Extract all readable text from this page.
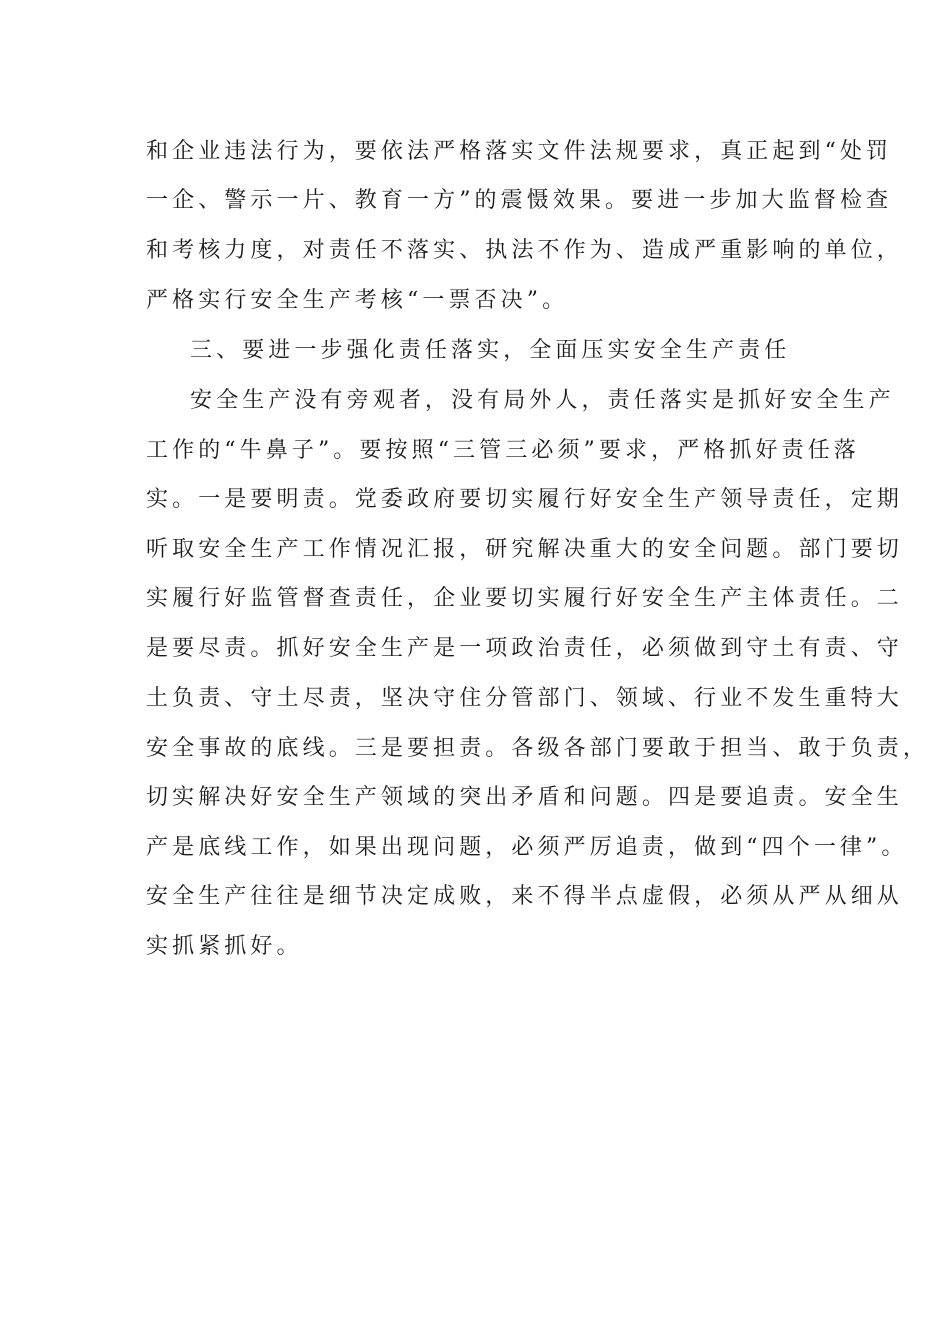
和企业违法行为，要依法严格落实文件法规要求，真正起到“处罚
一企、警示一片、教育一方”的震慑效果。要进一步加大监督检查
和考核力度，对责任不落实、执法不作为、造成严重影响的单位，
严格实行安全生产考核“一票否决”。
三、要进一步强化责任落实，全面压实安全生产责任
安全生产没有旁观者，没有局外人，责任落实是抓好安全生产
工作的“牛鼻子”。要按照“三管三必须”要求，严格抓好责任落
实。一是要明责。党委政府要切实履行好安全生产领导责任，定期
听取安全生产工作情况汇报，研究解决重大的安全问题。部门要切
实履行好监管督查责任，企业要切实履行好安全生产主体责任。二
是要尽责。抓好安全生产是一项政治责任，必须做到守土有责、守
土负责、守土尽责，坚决守住分管部门、领域、行业不发生重特大
安全事故的底线。三是要担责。各级各部门要敢于担当、敢于负责，
切实解决好安全生产领域的突出矛盾和问题。四是要追责。安全生
产是底线工作，如果出现问题，必须严厉追责，做到“四个一律”。
安全生产往往是细节决定成败，来不得半点虚假，必须从严从细从
实抓紧抓好。
